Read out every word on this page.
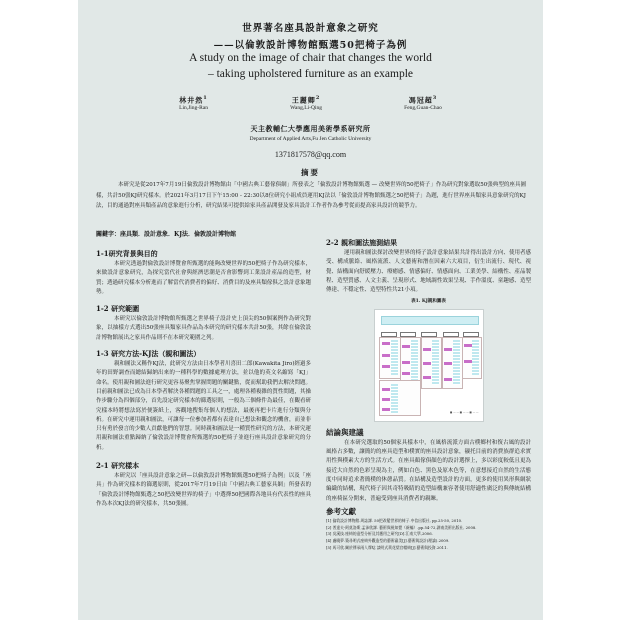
世界著名座具設計意象之研究
——以倫敦設計博物館甄選50把椅子為例
A study on the image of chair that changes the world
– taking upholstered furniture as an example
林井然$^1$
Lin,Jing-Ran
王麗卿$^2$
Wang,Li-Qing
馮冠超$^3$
Feng,Guan-Chao
天主教輔仁大學應用美術學系研究所
Department of Applied Arts,Fu Jen Catholic University
1371817578@qq.com
摘要
本研究是從2017年7月19日倫敦設計博物館由「中國古典工藝傢俱網」所發表之「倫敦設計博物館甄選 — 改變世界的50把椅子」作為研究對象選取50張典型的座具圖樣，共計50張KJ研究樣本。於2021年3月17日下午15:00 - 22:30以8位研究小組成員運用KJ法以「倫敦設計博物館甄選之50把椅子」為題，進行世界座具類家具意象研究的KJ法，目的通過對座具類產品的意象進行分析，研究結果可提供給家具產品開發及家具設計工作者作為參考從而提高家具設計的競爭力。
關鍵字：座具類．設計意象．KJ法．倫敦設計博物館

1-1研究背景與目的

本研究透過對倫敦設計博覽會所甄選的能夠改變世界的50把椅子作為研究樣本，來做設計意象研究，為探究當代社會與經濟思潮是否會影響到工業設計產品的造型，材質；透過研究樣本分析進而了解當代消費者的偏好、消費目的及座具類傢俱之設計意象趨勢。

1-2 研究範圍

本研究以倫敦設計博物館所甄選之世界椅子設計史上頂尖的50個案例作為研究對象，以抽樣方式選出50張座具類家具作品為本研究的研究樣本共計50張，其餘在倫敦設計博物館展出之家具作品則不在本研究範圍之列。

1-3 研究方法-KJ法（親和圖法）

親和圖法又稱作KJ法，此研究方法由日本學者川喜田二郎(Kawakita Jiro)經過多年的田野調查而總結歸納出來的一種科學的數據處理方法，並以他的英文名縮寫「KJ」命名。使用親和圖法進行研究更容易聚焦掌握問題的關鍵點，從而幫助我們去解決問題。目前親和圖法已成為日本學者解決各種問題的工具之一，處理各種複雜的質性問題，其操作步驟分為四個部分，首先設定研究樣本的篩選原則，一般為三個條件為最佳，在觀看研究樣本時將想法寫於便簽紙上，客觀地搜集每個人的想法，最後再把卡片進行分類與分析。在研究中運用親和圖法，可讓每一位參加者都有表達自己想法和觀念的機會，而並非只有勇於發言的少數人貢獻他們的智慧。同時親和圖法是一種質性研究的方法，本研究運用親和圖法重點歸納了倫敦設計博覽會所甄選的50把椅子並進行座具設計意象研究的分析。

2-1 研究樣本

本研究以「座具設計意象之研—以倫敦設計博物館甄選50把椅子為例」以及「座具」作為研究樣本的篩選原則，從2017年7月19日由「中國古典工藝家具網」所發表的「倫敦設計博物館甄選之50把改變世界的椅子」中選擇50把國際各地具有代表性的座具作為本次KJ法的研究樣本，共50張圖。

2-2 親和圖法施測結果

運用親和圖法探討改變世界的椅子設計意象結果共計得出設計方向、使用者感受、構成脈絡、風格流派、人文藝術和潛在因素六大項目，衍生出流行、現代、視覺、結構面向舒緩壓力、療癒感、情感偏好、情感面向、工業美學、結構性、產品製程、造型質感、人文主義、呈現形式、地域調性效果呈現、手作溫度、童趣感、造型傳達、不穩定性、造型特性共21小項。

表1. KJ親和圖表
■ — — ■ — — ■ — —

結論與建議

在本研究選取的50個家具樣本中，在風格流派方面古樸鄉村和復古風的設計風格占多數，讓簡約的座具造型和樸實的座具設計意象，襯托目前的消費族群追求實用性與樸素大方的生活方式。在座具顏傢俱顏色的設計選擇上，多以彩度較低且更為接近大自然的色彩呈現為主，例如白色、黑色及原木色等，在意想接近自然的生活態度中同時追求著簡樸的休憩品質。在結構及造型設計的方面，更多的使用異形與網狀編織的結構，現代椅子因其奇特吸睛的造型結構兼容著使用舒適性廣泛的與傳統結構的座椅區分開來，普遍受到座具消費者的親睞。

參考文獻

[1] 倫敦設計博物館.周誌譯. 50把改變世界的椅子.中信出版社, pp.25-50, 2010.
[2] 普達夫-阿莫洛斯,孟沛欣譯. 藝術與視知覺（新編）.pp.54-72,湖南美術出版社, 2008.
[3] 吳溪技.座椅的造型分析及其應用之研究[D].江南大學,2006.
[4] 盧曉夢.築尋明式座椅外觀造型的藝術審美[J].藝術與設計(理論).2009.
[5] 馬可欣.關於傳承兩人摩唸 談明式黃花梨官帽椅[J].藝術與投資.2011.
